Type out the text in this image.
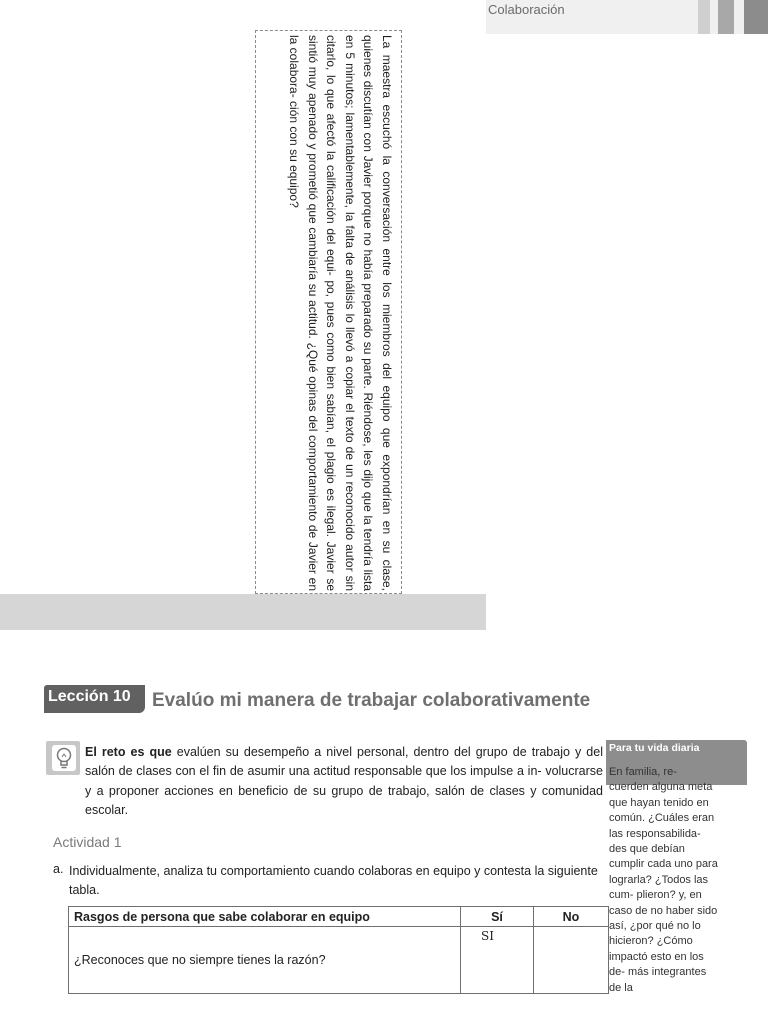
Colaboración
La maestra escuchó la conversación entre los miembros del equipo que expondrían en su clase, quienes discutían con Javier porque no había preparado su parte. Riéndose, les dijo que la tendría lista en 5 minutos; lamentablemente, la falta de análisis lo llevó a copiar el texto de un reconocido autor sin citarlo, lo que afectó la calificación del equi- po, pues como bien sabían, el plagio es ilegal. Javier se sintió muy apenado y prometió que cambiaría su actitud. ¿Qué opinas del comportamiento de Javier en la colabora- ción con su equipo?
Lección 10 Evalúo mi manera de trabajar colaborativamente
El reto es que evalúen su desempeño a nivel personal, dentro del grupo de trabajo y del salón de clases con el fin de asumir una actitud responsable que los impulse a in- volucrarse y a proponer acciones en beneficio de su grupo de trabajo, salón de clases y comunidad escolar.
Actividad 1
a. Individualmente, analiza tu comportamiento cuando colaboras en equipo y contesta la siguiente tabla.
Rasgos de persona que sabe colaborar en equipo	Sí	No
¿Reconoces que no siempre tienes la razón?	SI	
Para tu vida diaria
En familia, re- cuerden alguna meta que hayan tenido en común. ¿Cuáles eran las responsabilida- des que debían cumplir cada uno para lograrla? ¿Todos las cum- plieron? y, en caso de no haber sido así, ¿por qué no lo hicieron? ¿Cómo impactó esto en los de- más integrantes de la
